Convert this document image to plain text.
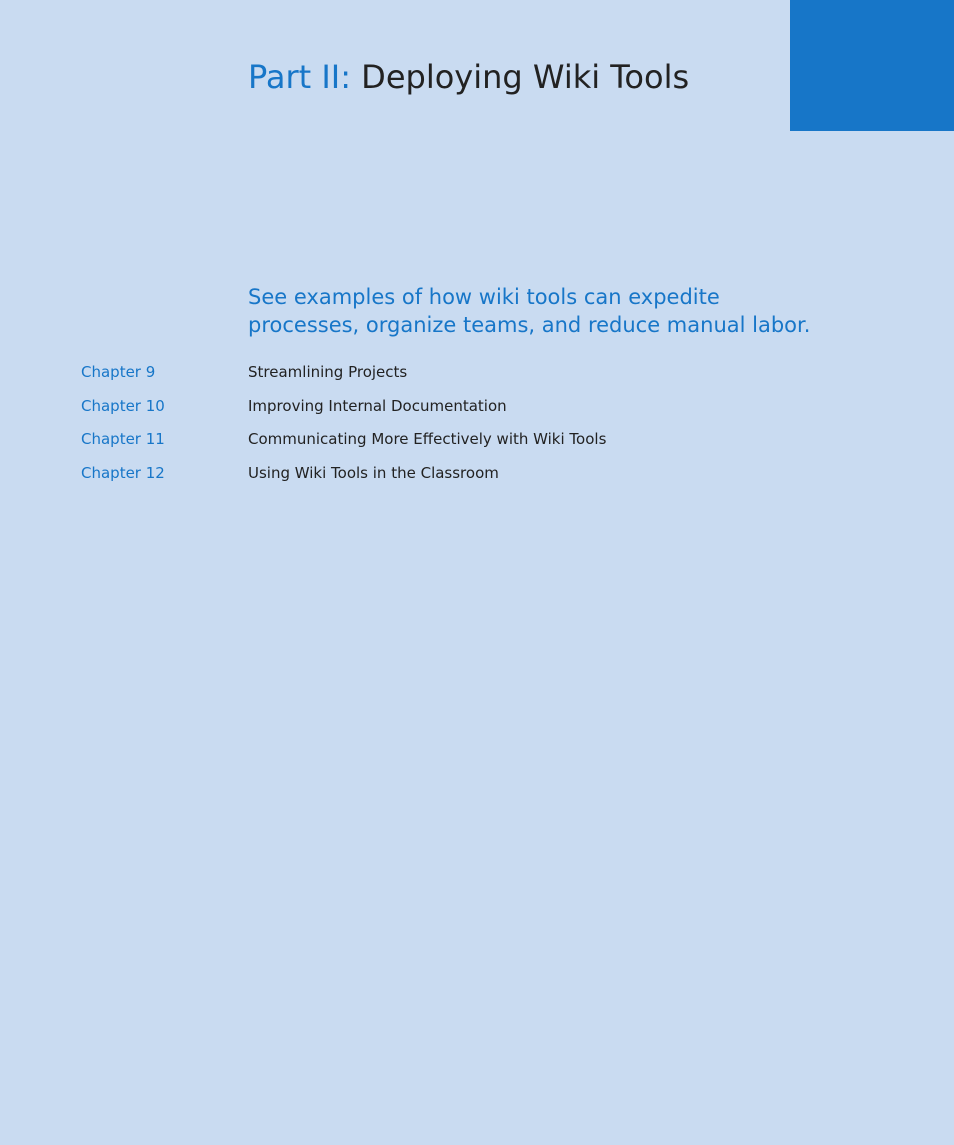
Part II: Deploying Wiki Tools

See examples of how wiki tools can expedite processes, organize teams, and reduce manual labor.

Chapter 9	Streamlining Projects
Chapter 10	Improving Internal Documentation
Chapter 11	Communicating More Effectively with Wiki Tools
Chapter 12	Using Wiki Tools in the Classroom
